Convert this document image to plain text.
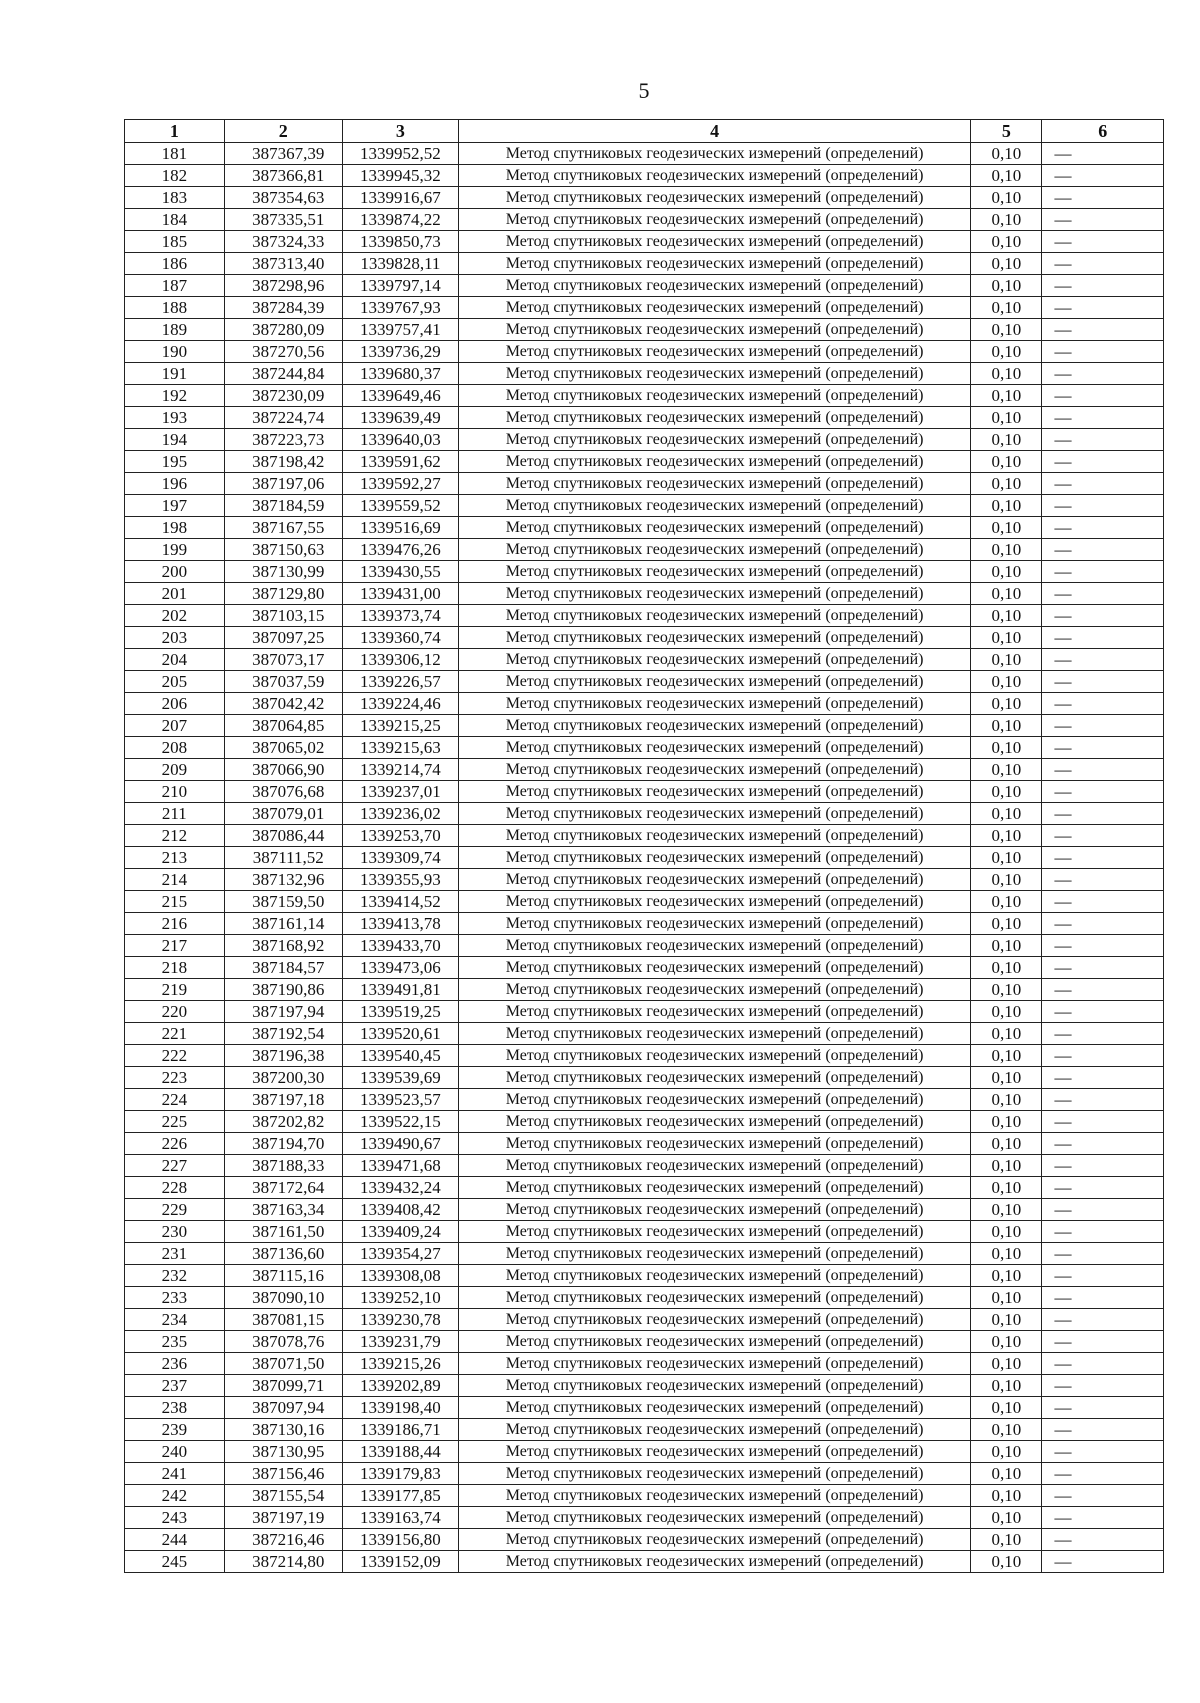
5
1	2	3	4	5	6
181	387367,39	1339952,52	Метод спутниковых геодезических измерений (определений)	0,10	—
182	387366,81	1339945,32	Метод спутниковых геодезических измерений (определений)	0,10	—
183	387354,63	1339916,67	Метод спутниковых геодезических измерений (определений)	0,10	—
184	387335,51	1339874,22	Метод спутниковых геодезических измерений (определений)	0,10	—
185	387324,33	1339850,73	Метод спутниковых геодезических измерений (определений)	0,10	—
186	387313,40	1339828,11	Метод спутниковых геодезических измерений (определений)	0,10	—
187	387298,96	1339797,14	Метод спутниковых геодезических измерений (определений)	0,10	—
188	387284,39	1339767,93	Метод спутниковых геодезических измерений (определений)	0,10	—
189	387280,09	1339757,41	Метод спутниковых геодезических измерений (определений)	0,10	—
190	387270,56	1339736,29	Метод спутниковых геодезических измерений (определений)	0,10	—
191	387244,84	1339680,37	Метод спутниковых геодезических измерений (определений)	0,10	—
192	387230,09	1339649,46	Метод спутниковых геодезических измерений (определений)	0,10	—
193	387224,74	1339639,49	Метод спутниковых геодезических измерений (определений)	0,10	—
194	387223,73	1339640,03	Метод спутниковых геодезических измерений (определений)	0,10	—
195	387198,42	1339591,62	Метод спутниковых геодезических измерений (определений)	0,10	—
196	387197,06	1339592,27	Метод спутниковых геодезических измерений (определений)	0,10	—
197	387184,59	1339559,52	Метод спутниковых геодезических измерений (определений)	0,10	—
198	387167,55	1339516,69	Метод спутниковых геодезических измерений (определений)	0,10	—
199	387150,63	1339476,26	Метод спутниковых геодезических измерений (определений)	0,10	—
200	387130,99	1339430,55	Метод спутниковых геодезических измерений (определений)	0,10	—
201	387129,80	1339431,00	Метод спутниковых геодезических измерений (определений)	0,10	—
202	387103,15	1339373,74	Метод спутниковых геодезических измерений (определений)	0,10	—
203	387097,25	1339360,74	Метод спутниковых геодезических измерений (определений)	0,10	—
204	387073,17	1339306,12	Метод спутниковых геодезических измерений (определений)	0,10	—
205	387037,59	1339226,57	Метод спутниковых геодезических измерений (определений)	0,10	—
206	387042,42	1339224,46	Метод спутниковых геодезических измерений (определений)	0,10	—
207	387064,85	1339215,25	Метод спутниковых геодезических измерений (определений)	0,10	—
208	387065,02	1339215,63	Метод спутниковых геодезических измерений (определений)	0,10	—
209	387066,90	1339214,74	Метод спутниковых геодезических измерений (определений)	0,10	—
210	387076,68	1339237,01	Метод спутниковых геодезических измерений (определений)	0,10	—
211	387079,01	1339236,02	Метод спутниковых геодезических измерений (определений)	0,10	—
212	387086,44	1339253,70	Метод спутниковых геодезических измерений (определений)	0,10	—
213	387111,52	1339309,74	Метод спутниковых геодезических измерений (определений)	0,10	—
214	387132,96	1339355,93	Метод спутниковых геодезических измерений (определений)	0,10	—
215	387159,50	1339414,52	Метод спутниковых геодезических измерений (определений)	0,10	—
216	387161,14	1339413,78	Метод спутниковых геодезических измерений (определений)	0,10	—
217	387168,92	1339433,70	Метод спутниковых геодезических измерений (определений)	0,10	—
218	387184,57	1339473,06	Метод спутниковых геодезических измерений (определений)	0,10	—
219	387190,86	1339491,81	Метод спутниковых геодезических измерений (определений)	0,10	—
220	387197,94	1339519,25	Метод спутниковых геодезических измерений (определений)	0,10	—
221	387192,54	1339520,61	Метод спутниковых геодезических измерений (определений)	0,10	—
222	387196,38	1339540,45	Метод спутниковых геодезических измерений (определений)	0,10	—
223	387200,30	1339539,69	Метод спутниковых геодезических измерений (определений)	0,10	—
224	387197,18	1339523,57	Метод спутниковых геодезических измерений (определений)	0,10	—
225	387202,82	1339522,15	Метод спутниковых геодезических измерений (определений)	0,10	—
226	387194,70	1339490,67	Метод спутниковых геодезических измерений (определений)	0,10	—
227	387188,33	1339471,68	Метод спутниковых геодезических измерений (определений)	0,10	—
228	387172,64	1339432,24	Метод спутниковых геодезических измерений (определений)	0,10	—
229	387163,34	1339408,42	Метод спутниковых геодезических измерений (определений)	0,10	—
230	387161,50	1339409,24	Метод спутниковых геодезических измерений (определений)	0,10	—
231	387136,60	1339354,27	Метод спутниковых геодезических измерений (определений)	0,10	—
232	387115,16	1339308,08	Метод спутниковых геодезических измерений (определений)	0,10	—
233	387090,10	1339252,10	Метод спутниковых геодезических измерений (определений)	0,10	—
234	387081,15	1339230,78	Метод спутниковых геодезических измерений (определений)	0,10	—
235	387078,76	1339231,79	Метод спутниковых геодезических измерений (определений)	0,10	—
236	387071,50	1339215,26	Метод спутниковых геодезических измерений (определений)	0,10	—
237	387099,71	1339202,89	Метод спутниковых геодезических измерений (определений)	0,10	—
238	387097,94	1339198,40	Метод спутниковых геодезических измерений (определений)	0,10	—
239	387130,16	1339186,71	Метод спутниковых геодезических измерений (определений)	0,10	—
240	387130,95	1339188,44	Метод спутниковых геодезических измерений (определений)	0,10	—
241	387156,46	1339179,83	Метод спутниковых геодезических измерений (определений)	0,10	—
242	387155,54	1339177,85	Метод спутниковых геодезических измерений (определений)	0,10	—
243	387197,19	1339163,74	Метод спутниковых геодезических измерений (определений)	0,10	—
244	387216,46	1339156,80	Метод спутниковых геодезических измерений (определений)	0,10	—
245	387214,80	1339152,09	Метод спутниковых геодезических измерений (определений)	0,10	—
